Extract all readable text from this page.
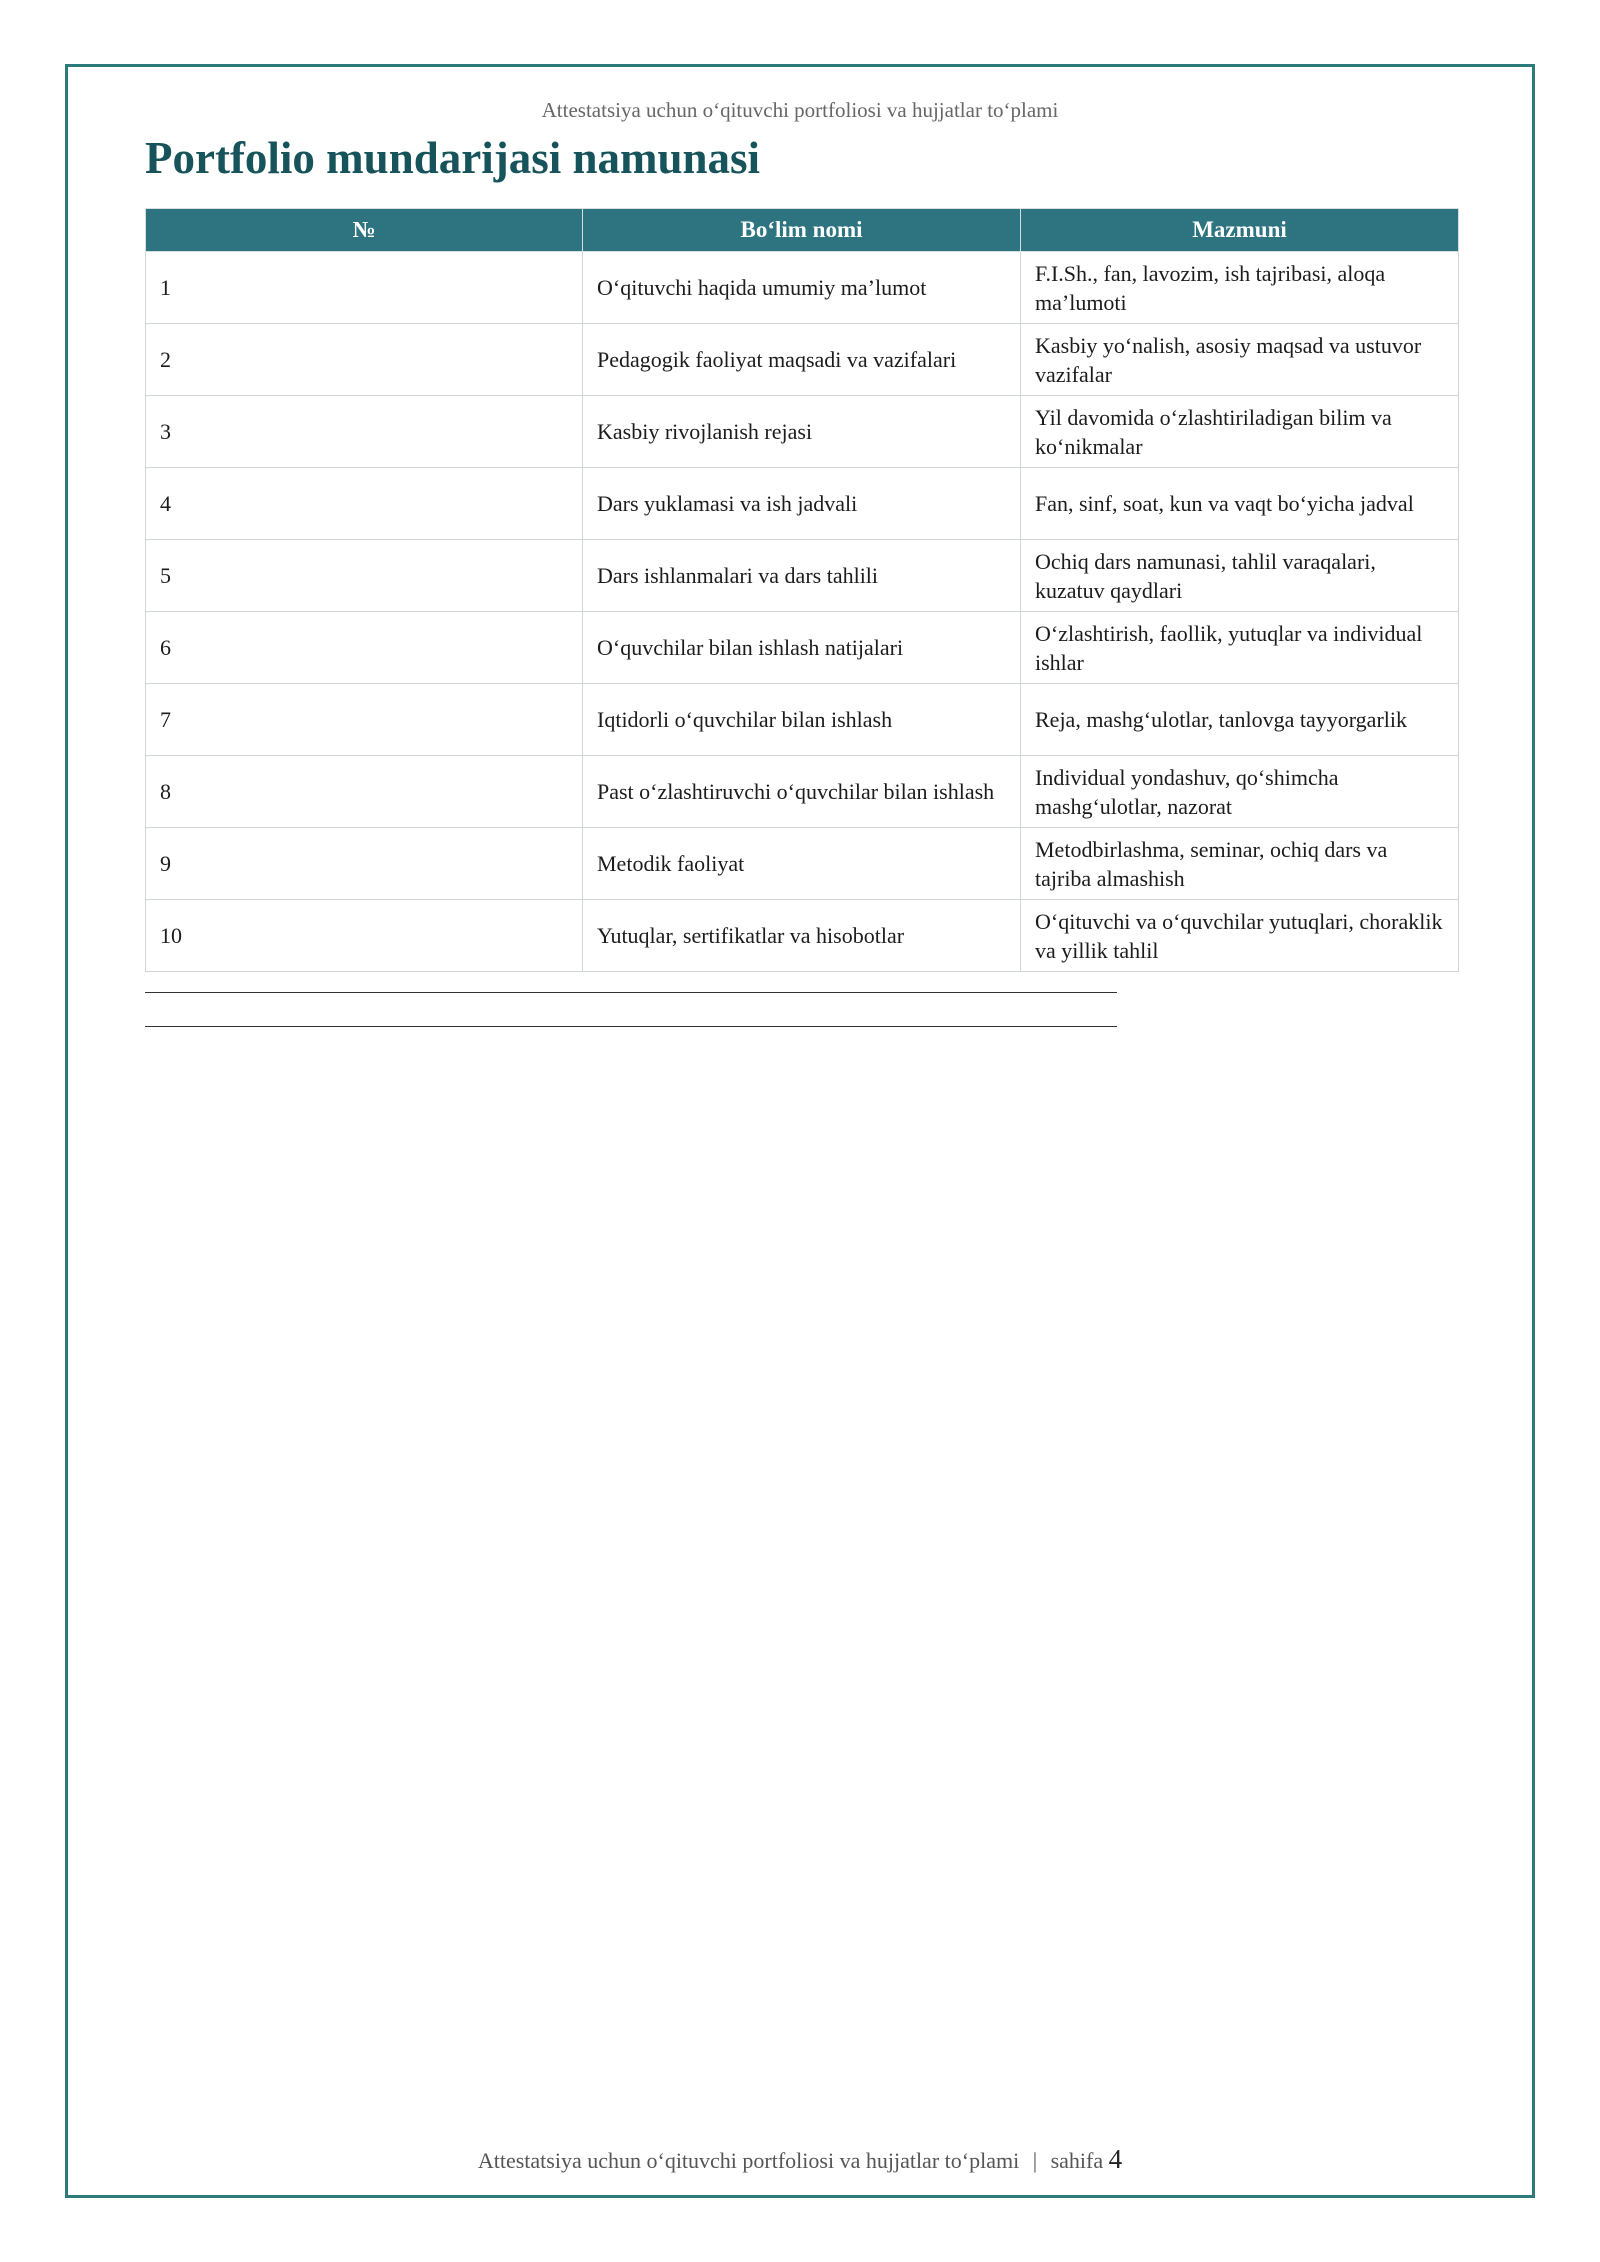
Attestatsiya uchun o‘qituvchi portfoliosi va hujjatlar to‘plami
Portfolio mundarijasi namunasi
№	Bo‘lim nomi	Mazmuni
1	O‘qituvchi haqida umumiy ma’lumot	F.I.Sh., fan, lavozim, ish tajribasi, aloqa ma’lumoti
2	Pedagogik faoliyat maqsadi va vazifalari	Kasbiy yo‘nalish, asosiy maqsad va ustuvor vazifalar
3	Kasbiy rivojlanish rejasi	Yil davomida o‘zlashtiriladigan bilim va ko‘nikmalar
4	Dars yuklamasi va ish jadvali	Fan, sinf, soat, kun va vaqt bo‘yicha jadval
5	Dars ishlanmalari va dars tahlili	Ochiq dars namunasi, tahlil varaqalari, kuzatuv qaydlari
6	O‘quvchilar bilan ishlash natijalari	O‘zlashtirish, faollik, yutuqlar va individual ishlar
7	Iqtidorli o‘quvchilar bilan ishlash	Reja, mashg‘ulotlar, tanlovga tayyorgarlik
8	Past o‘zlashtiruvchi o‘quvchilar bilan ishlash	Individual yondashuv, qo‘shimcha mashg‘ulotlar, nazorat
9	Metodik faoliyat	Metodbirlashma, seminar, ochiq dars va tajriba almashish
10	Yutuqlar, sertifikatlar va hisobotlar	O‘qituvchi va o‘quvchilar yutuqlari, choraklik va yillik tahlil
Attestatsiya uchun o‘qituvchi portfoliosi va hujjatlar to‘plami | sahifa 4
